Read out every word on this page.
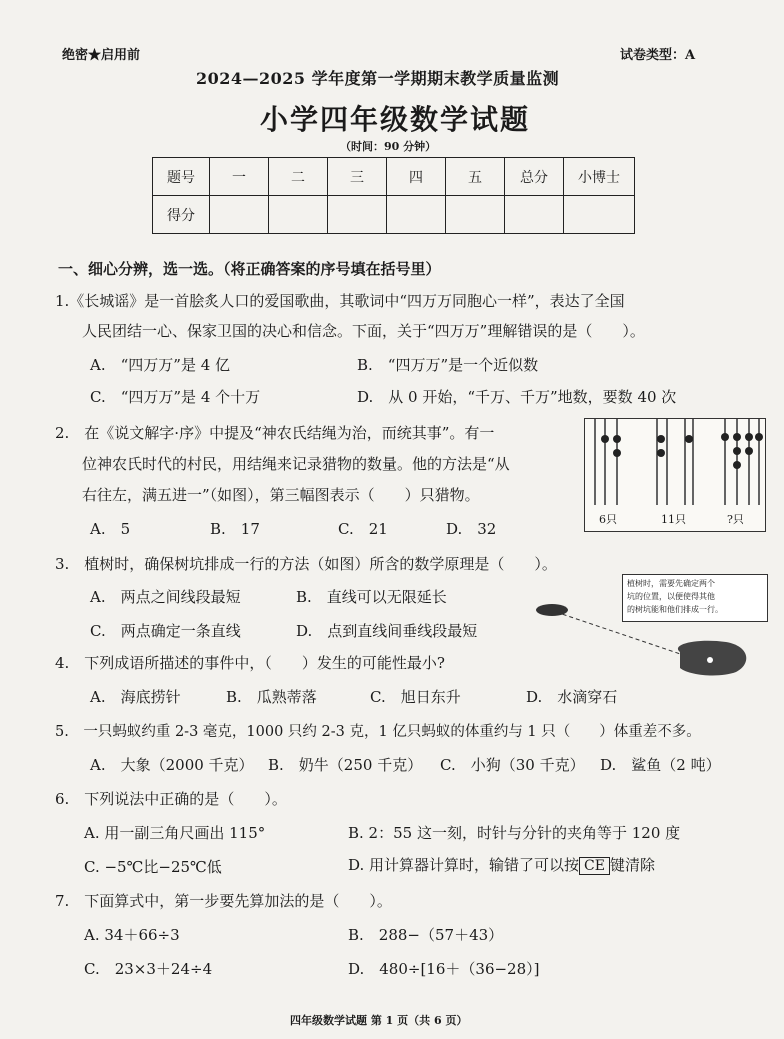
绝密★启用前	试卷类型：A
2024—2025 学年度第一学期期末教学质量监测
小学四年级数学试题
（时间：90 分钟）
题号	一	二	三	四	五	总分	小博士
得分							
一、细心分辨，选一选。（将正确答案的序号填在括号里）
1.《长城谣》是一首脍炙人口的爱国歌曲，其歌词中“四万万同胞心一样”，表达了全国
人民团结一心、保家卫国的决心和信念。下面，关于“四万万”理解错误的是（　　）。
A.　“四万万”是 4 亿	B.　“四万万”是一个近似数
C.　“四万万”是 4 个十万	D.　从 0 开始，“千万、千万”地数，要数 40 次
2.　在《说文解字·序》中提及“神农氏结绳为治，而统其事”。有一
位神农氏时代的村民，用结绳来记录猎物的数量。他的方法是“从
右往左，满五进一”（如图），第三幅图表示（　　）只猎物。
A.　5	B.　17	C.　21	D.　32
6只	11只	?只
3.　植树时，确保树坑排成一行的方法（如图）所含的数学原理是（　　）。
A.　两点之间线段最短	B.　直线可以无限延长
C.　两点确定一条直线	D.　点到直线间垂线段最短
植树时，需要先确定两个
坑的位置，以便使得其他
的树坑能和他们排成一行。
4.　下列成语所描述的事件中，（　　）发生的可能性最小?
A.　海底捞针	B.　瓜熟蒂落	C.　旭日东升	D.　水滴穿石
5.　一只蚂蚁约重 2-3 毫克，1000 只约 2-3 克，1 亿只蚂蚁的体重约与 1 只（　　）体重差不多。
A.　大象（2000 千克） B.　奶牛（250 千克） C.　小狗（30 千克） D.　鲨鱼（2 吨）
6.　下列说法中正确的是（　　）。
A. 用一副三角尺画出 115°	B. 2：55 这一刻，时针与分针的夹角等于 120 度
C. −5℃比−25℃低	D. 用计算器计算时，输错了可以按 CE 键清除
7.　下面算式中，第一步要先算加法的是（　　）。
A. 34＋66÷3	B.　288−（57＋43）
C.　23×3＋24÷4	D.　480÷[16＋（36−28）]
四年级数学试题 第 1 页（共 6 页）
